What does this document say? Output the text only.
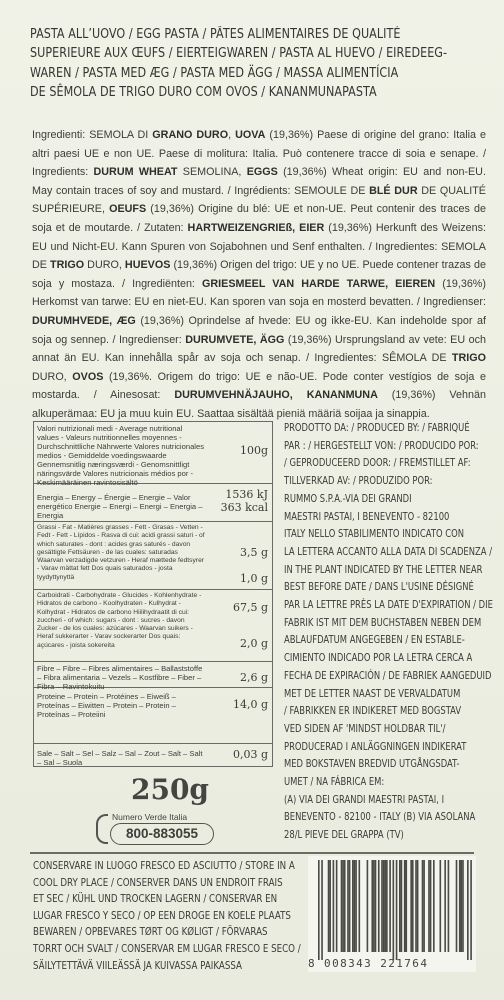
PASTA ALL’UOVO / EGG PASTA / PÂTES ALIMENTAIRES DE QUALITÉ
SUPERIEURE AUX ŒUFS / EIERTEIGWAREN / PASTA AL HUEVO / EIREDEEG-
WAREN / PASTA MED ÆG / PASTA MED ÄGG / MASSA ALIMENTÍCIA
DE SÊMOLA DE TRIGO DURO COM OVOS / KANANMUNAPASTA
Ingredienti: SEMOLA DI GRANO DURO, UOVA (19,36%) Paese di origine del grano: Italia e altri paesi UE e non UE. Paese di molitura: Italia. Può contenere tracce di soia e senape. / Ingredients: DURUM WHEAT SEMOLINA, EGGS (19,36%) Wheat origin: EU and non-EU. May contain traces of soy and mustard. / Ingrédients: SEMOULE DE BLÉ DUR DE QUALITÉ SUPÉRIEURE, OEUFS (19,36%) Origine du blé: UE et non-UE. Peut contenir des traces de soja et de moutarde. / Zutaten: HARTWEIZENGRIEß, EIER (19,36%) Herkunft des Weizens: EU und Nicht-EU. Kann Spuren von Sojabohnen und Senf enthalten. / Ingredientes: SEMOLA DE TRIGO DURO, HUEVOS (19,36%) Origen del trigo: UE y no UE. Puede contener trazas de soja y mostaza. / Ingrediënten: GRIESMEEL VAN HARDE TARWE, EIEREN (19,36%) Herkomst van tarwe: EU en niet-EU. Kan sporen van soja en mosterd bevatten. / Ingredienser: DURUMHVEDE, ÆG (19,36%) Oprindelse af hvede: EU og ikke-EU. Kan indeholde spor af soja og sennep. / Ingredienser: DURUMVETE, ÄGG (19,36%) Ursprungsland av vete: EU och annat än EU. Kan innehålla spår av soja och senap. / Ingredientes: SÊMOLA DE TRIGO DURO, OVOS (19,36%. Origem do trigo: UE e não-UE. Pode conter vestígios de soja e mostarda. / Ainesosat: DURUMVEHNÄJAUHO, KANANMUNA (19,36%) Vehnän alkuperämaa: EU ja muu kuin EU. Saattaa sisältää pieniä määriä soijaa ja sinappia.
Valori nutrizionali medi - Average nutritional values - Valeurs nutritionnelles moyennes - Durchschnittliche Nährwerte Valores nutricionales medios - Gemiddelde voedingswaarde Gennemsnitlig næringsværdi - Genomsnittligt näringsvärde Valores nutricionais médios por - Keskimääräinen ravintosisältö
100g
Energia – Energy – Énergie – Energie – Valor energético Energie – Energi – Energi – Energia – Energia
1536 kJ
363 kcal
Grassi - Fat - Matières grasses - Fett - Grasas - Vetten - Fedt - Fett - Lípidos - Rasva di cui: acidi grassi saturi - of which saturates - dont : acides gras saturés - davon gesättigte Fettsäuren - de las cuales: saturadas Waarvan verzadigde vetzuren - Heraf mættede fedtsyrer - Varav mättat fett Dos quais saturados - josta tyydyttynyttä
3,5 g
1,0 g
Carboidrati - Carbohydrate - Glucides - Kohlenhydrate - Hidratos de carbono - Koolhydraten - Kulhydrat - Kolhydrat - Hidratos de carbono Hiilihydraatit di cui: zuccheri - of which: sugars - dont : sucres - davon Zucker - de los cuales: azúcares - Waarvan suikers - Heraf sukkerarter - Varav sockerarter Dos quais: açúcares - joista sokereita
67,5 g
2,0 g
Fibre – Fibre – Fibres alimentaires – Ballaststoffe – Fibra alimentaria – Vezels – Kostfibre – Fiber – Fibra – Ravintokuitu
2,6 g
Proteine – Protein – Protéines – Eiweiß – Proteínas – Eiwitten – Protein – Protein – Proteínas – Proteiini
14,0 g
Sale – Salt – Sel – Salz – Sal – Zout – Salt – Salt – Sal – Suola
0,03 g
250g
Numero Verde Italia
800-883055
PRODOTTO DA: / PRODUCED BY: / FABRIQUÉ
PAR : / HERGESTELLT VON: / PRODUCIDO POR:
/ GEPRODUCEERD DOOR: / FREMSTILLET AF:
TILLVERKAD AV: / PRODUZIDO POR:
RUMMO S.P.A.-VIA DEI GRANDI
MAESTRI PASTAI, I BENEVENTO - 82100
ITALY NELLO STABILIMENTO INDICATO CON
LA LETTERA ACCANTO ALLA DATA DI SCADENZA /
IN THE PLANT INDICATED BY THE LETTER NEAR
BEST BEFORE DATE / DANS L'USINE DÉSIGNÉ
PAR LA LETTRE PRÈS LA DATE D'EXPIRATION / DIE
FABRIK IST MIT DEM BUCHSTABEN NEBEN DEM
ABLAUFDATUM ANGEGEBEN / EN ESTABLE-
CIMIENTO INDICADO POR LA LETRA CERCA A
FECHA DE EXPIRACIÓN / DE FABRIEK AANGEDUID
MET DE LETTER NAAST DE VERVALDATUM
/ FABRIKKEN ER INDIKERET MED BOGSTAV
VED SIDEN AF 'MINDST HOLDBAR TIL'/
PRODUCERAD I ANLÄGGNINGEN INDIKERAT
MED BOKSTAVEN BREDVID UTGÅNGSDAT-
UMET / NA FÁBRICA EM:
(A) VIA DEI GRANDI MAESTRI PASTAI, I
BENEVENTO - 82100 - ITALY (B) VIA ASOLANA
28/L PIEVE DEL GRAPPA (TV)
CONSERVARE IN LUOGO FRESCO ED ASCIUTTO / STORE IN A
COOL DRY PLACE / CONSERVER DANS UN ENDROIT FRAIS
ET SEC / KÜHL UND TROCKEN LAGERN / CONSERVAR EN
LUGAR FRESCO Y SECO / OP EEN DROGE EN KOELE PLAATS
BEWAREN / OPBEVARES TØRT OG KØLIGT / FÖRVARAS
TORRT OCH SVALT / CONSERVAR EM LUGAR FRESCO E SECO /
SÄILYTETTÄVÄ VIILEÄSSÄ JA KUIVASSA PAIKASSA	8 008343 221764
